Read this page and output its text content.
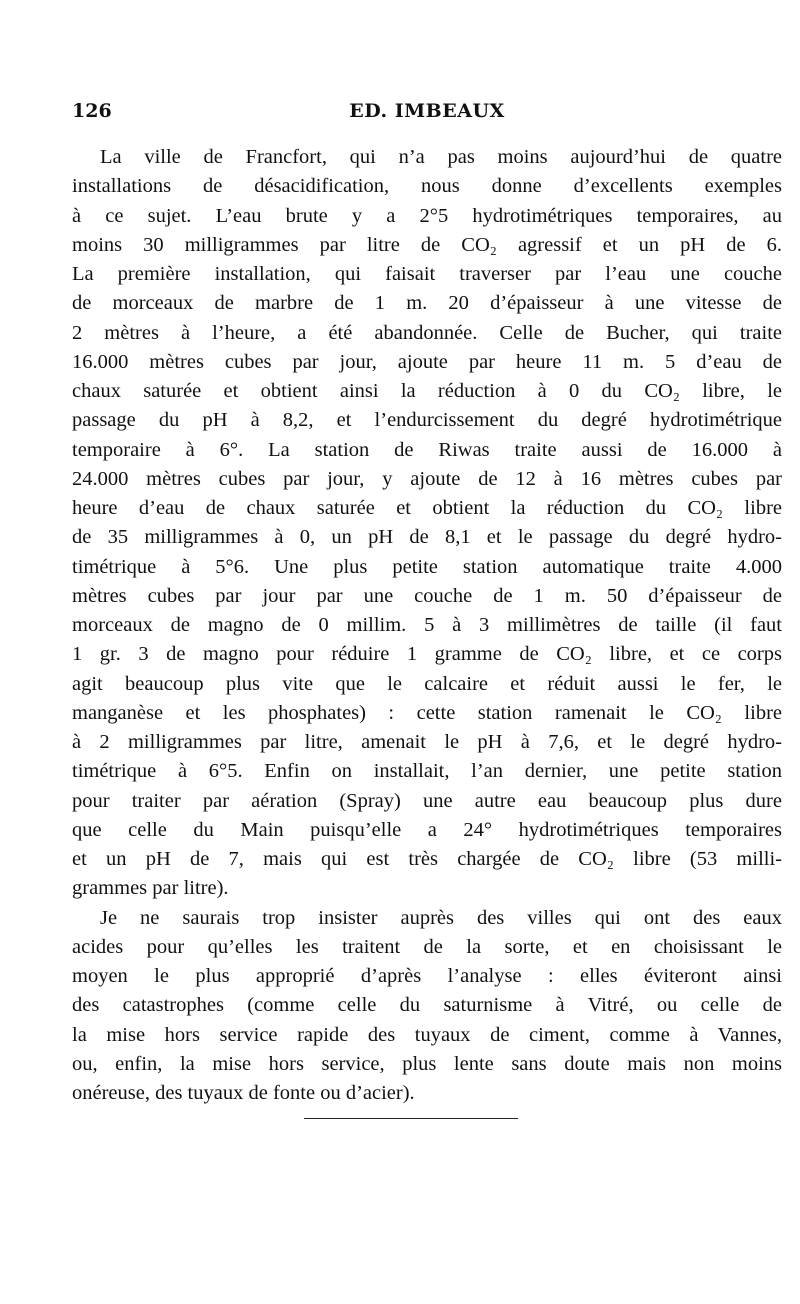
126	ED. IMBEAUX
La ville de Francfort, qui n’a pas moins aujourd’hui de quatre
installations de désacidification, nous donne d’excellents exemples
à ce sujet. L’eau brute y a 2°5 hydrotimétriques temporaires, au
moins 30 milligrammes par litre de CO₂ agressif et un pH de 6.
La première installation, qui faisait traverser par l’eau une couche
de morceaux de marbre de 1 m. 20 d’épaisseur à une vitesse de
2 mètres à l’heure, a été abandonnée. Celle de Bucher, qui traite
16.000 mètres cubes par jour, ajoute par heure 11 m. 5 d’eau de
chaux saturée et obtient ainsi la réduction à 0 du CO₂ libre, le
passage du pH à 8,2, et l’endurcissement du degré hydrotimétrique
temporaire à 6°. La station de Riwas traite aussi de 16.000 à
24.000 mètres cubes par jour, y ajoute de 12 à 16 mètres cubes par
heure d’eau de chaux saturée et obtient la réduction du CO₂ libre
de 35 milligrammes à 0, un pH de 8,1 et le passage du degré hydro-
timétrique à 5°6. Une plus petite station automatique traite 4.000
mètres cubes par jour par une couche de 1 m. 50 d’épaisseur de
morceaux de magno de 0 millim. 5 à 3 millimètres de taille (il faut
1 gr. 3 de magno pour réduire 1 gramme de CO₂ libre, et ce corps
agit beaucoup plus vite que le calcaire et réduit aussi le fer, le
manganèse et les phosphates) : cette station ramenait le CO₂ libre
à 2 milligrammes par litre, amenait le pH à 7,6, et le degré hydro-
timétrique à 6°5. Enfin on installait, l’an dernier, une petite station
pour traiter par aération (Spray) une autre eau beaucoup plus dure
que celle du Main puisqu’elle a 24° hydrotimétriques temporaires
et un pH de 7, mais qui est très chargée de CO₂ libre (53 milli-
grammes par litre).
Je ne saurais trop insister auprès des villes qui ont des eaux
acides pour qu’elles les traitent de la sorte, et en choisissant le
moyen le plus approprié d’après l’analyse : elles éviteront ainsi
des catastrophes (comme celle du saturnisme à Vitré, ou celle de
la mise hors service rapide des tuyaux de ciment, comme à Vannes,
ou, enfin, la mise hors service, plus lente sans doute mais non moins
onéreuse, des tuyaux de fonte ou d’acier).
